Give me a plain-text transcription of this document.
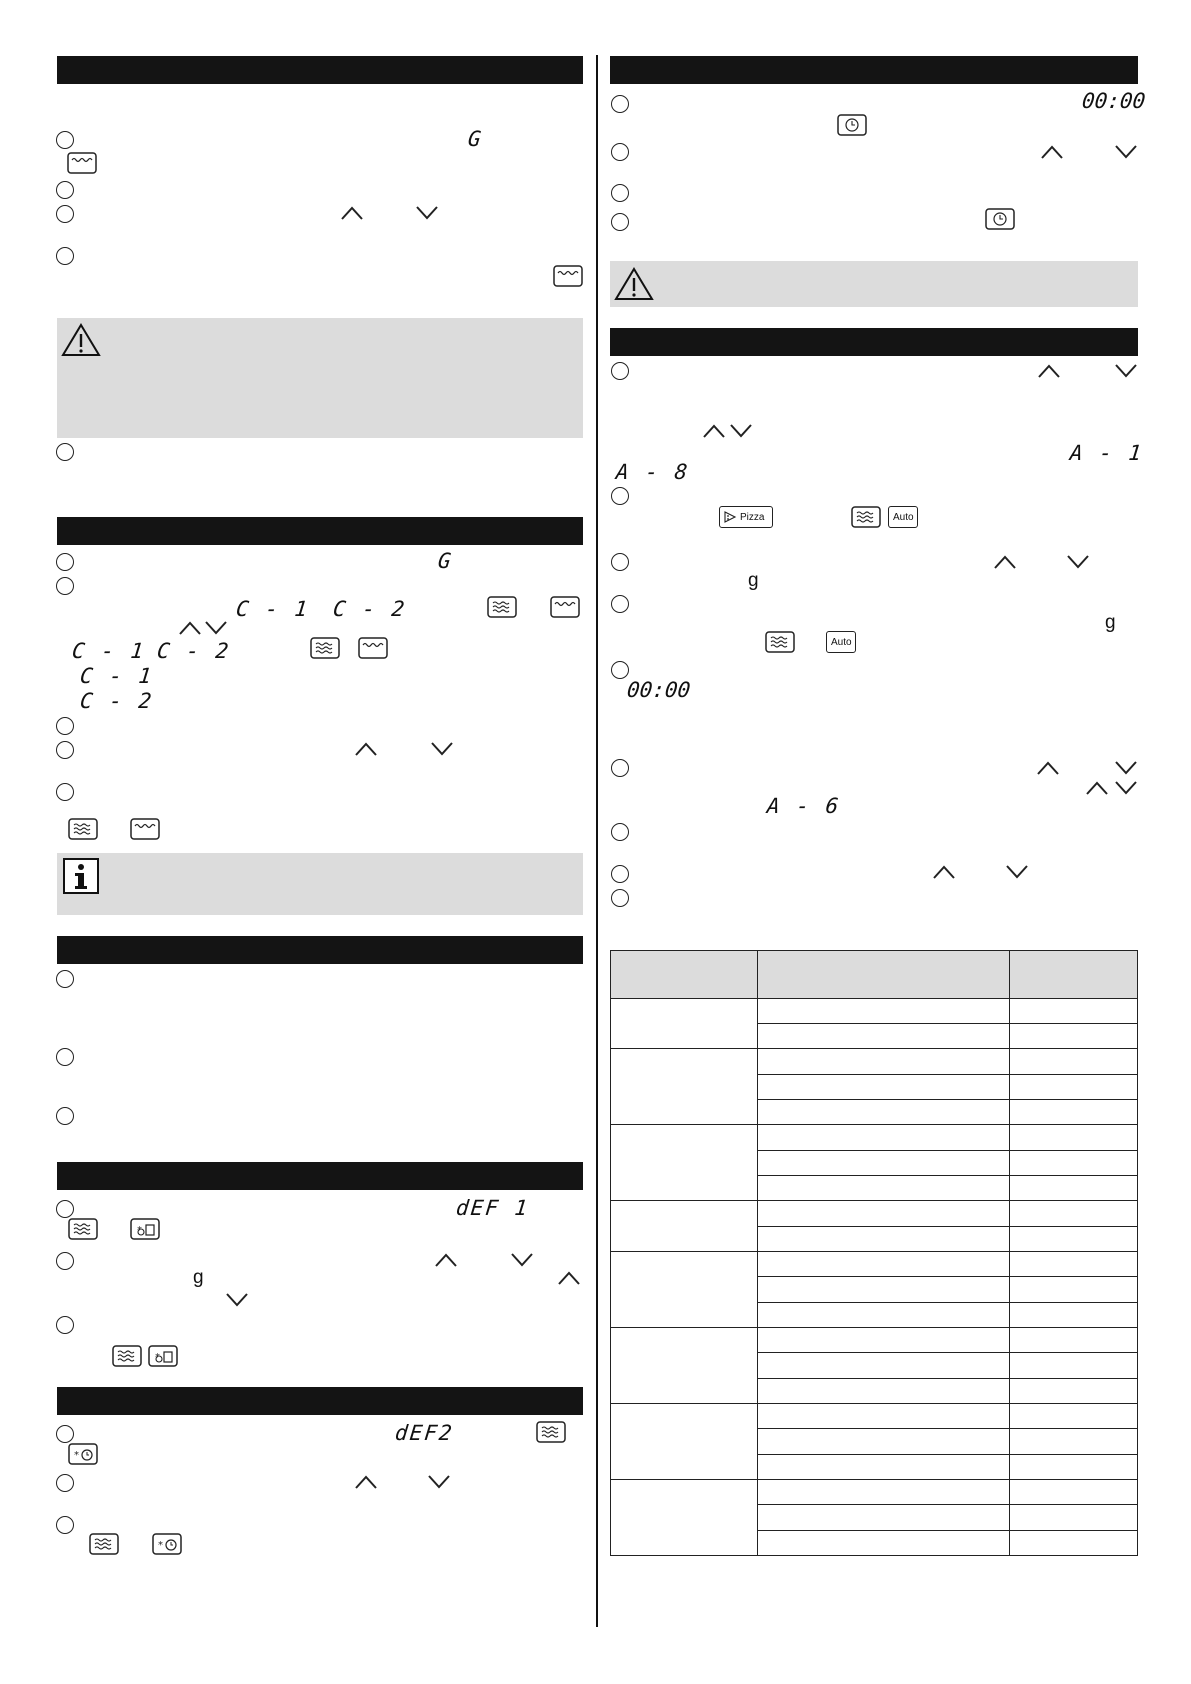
G
G
C - 1 C - 2
C - 1 C - 2
C - 1
C - 2
dEF 1
*
g
*
dEF2
*
*
00:00
A - 1
A - 8
Pizza	Auto
g
g
Auto
00:00
A - 6
